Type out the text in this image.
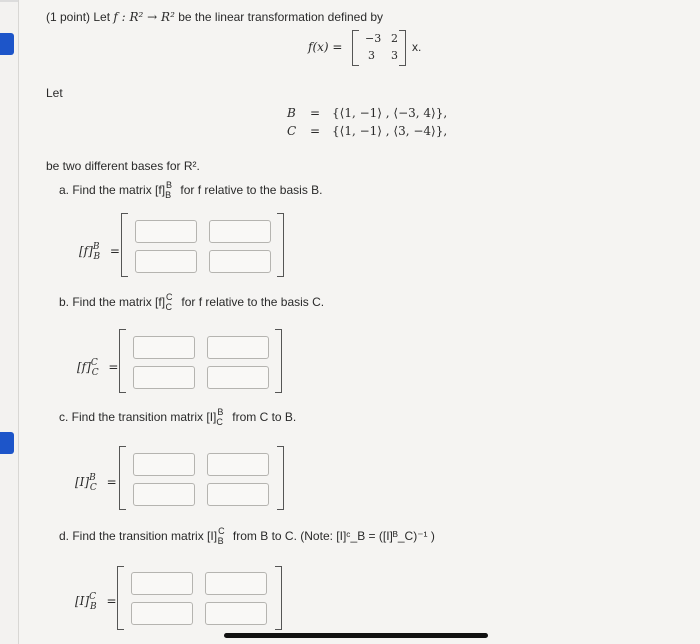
(1 point) Let f : R² → R² be the linear transformation defined by
f(x) =
−3 2
3 3
x.
Let
B = {⟨1, −1⟩ , ⟨−3, 4⟩},
C = {⟨1, −1⟩ , ⟨3, −4⟩},
be two different bases for R².
a. Find the matrix $[f]^B_B$ for f relative to the basis B.
$[f]^B_B$ =
b. Find the matrix $[f]^C_C$ for f relative to the basis C.
$[f]^C_C$ =
c. Find the transition matrix $[I]^B_C$ from C to B.
$[I]^B_C$ =
d. Find the transition matrix $[I]^C_B$ from B to C. (Note: [I]ᶜ_B = ([I]ᴮ_C)⁻¹ )
$[I]^C_B$ =
